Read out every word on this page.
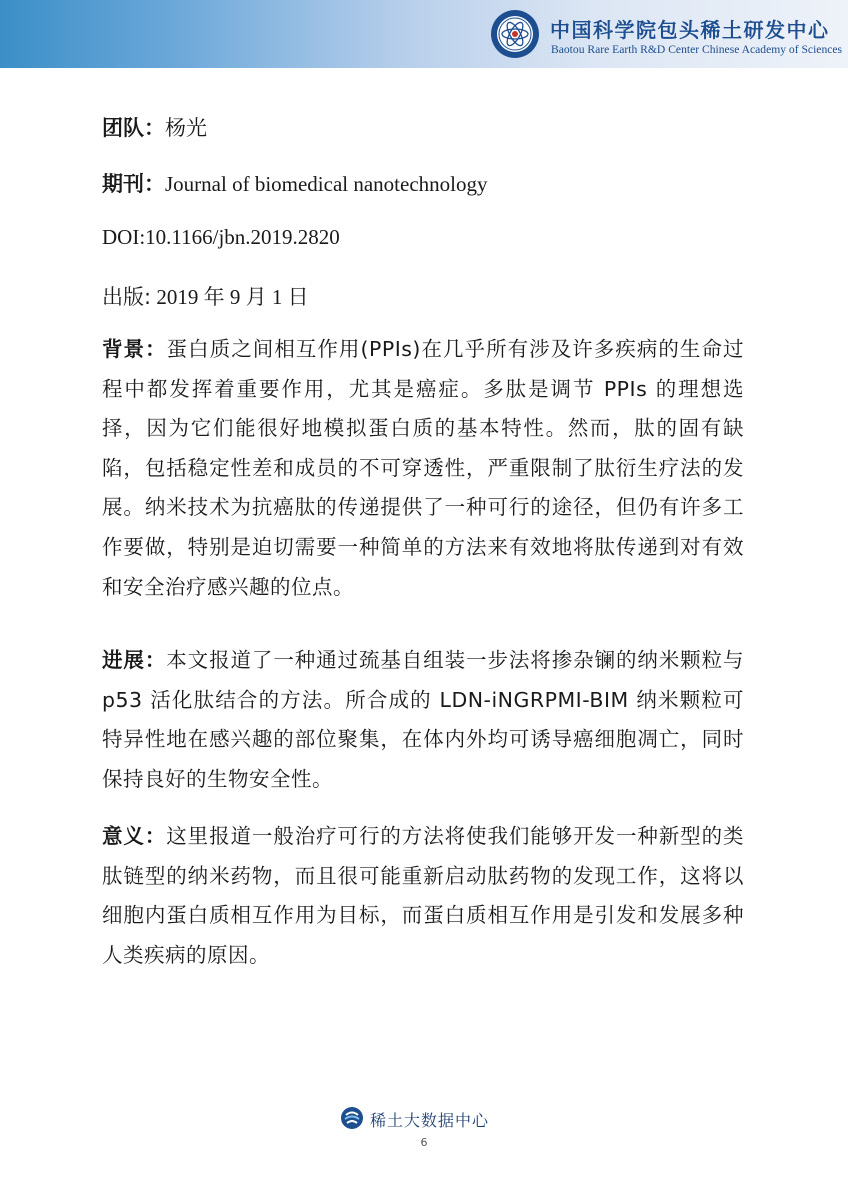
中国科学院包头稀土研发中心
Baotou Rare Earth R&D Center Chinese Academy of Sciences
团队：杨光
期刊：Journal of biomedical nanotechnology
DOI:10.1166/jbn.2019.2820
出版: 2019 年 9 月 1 日
背景：蛋白质之间相互作用(PPIs)在几乎所有涉及许多疾病的生命过程中都发挥着重要作用，尤其是癌症。多肽是调节 PPIs 的理想选择，因为它们能很好地模拟蛋白质的基本特性。然而，肽的固有缺陷，包括稳定性差和成员的不可穿透性，严重限制了肽衍生疗法的发展。纳米技术为抗癌肽的传递提供了一种可行的途径，但仍有许多工作要做，特别是迫切需要一种简单的方法来有效地将肽传递到对有效和安全治疗感兴趣的位点。
进展：本文报道了一种通过巯基自组装一步法将掺杂镧的纳米颗粒与 p53 活化肽结合的方法。所合成的 LDN-iNGRPMI-BIM 纳米颗粒可特异性地在感兴趣的部位聚集，在体内外均可诱导癌细胞凋亡，同时保持良好的生物安全性。
意义：这里报道一般治疗可行的方法将使我们能够开发一种新型的类肽链型的纳米药物，而且很可能重新启动肽药物的发现工作，这将以细胞内蛋白质相互作用为目标，而蛋白质相互作用是引发和发展多种人类疾病的原因。
稀土大数据中心
6
